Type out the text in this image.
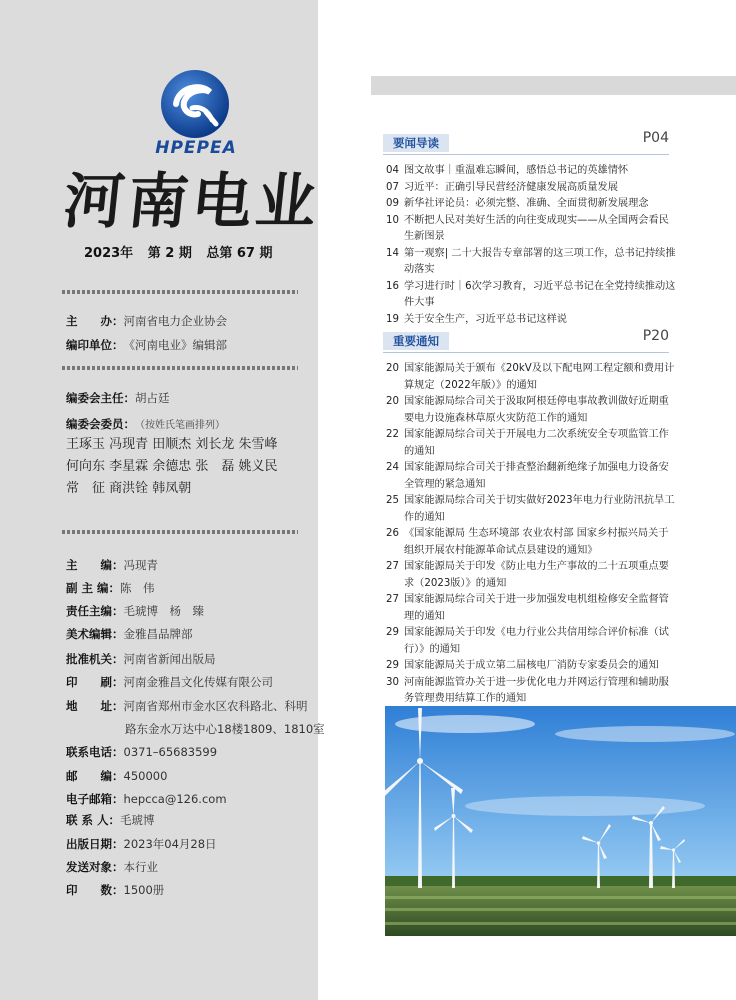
HPEPEA
河南电业
2023年 第 2 期 总第 67 期
主　　办：河南省电力企业协会
编印单位：《河南电业》编辑部
编委会主任：胡占廷
编委会委员：（按姓氏笔画排列）
王琢玉 冯现青 田顺杰 刘长龙 朱雪峰
何向东 李星霖 余德忠 张　磊 姚义民
常　征 商洪铨 韩凤朝
主　　编：冯现青
副 主 编：陈　伟
责任主编：毛琥博　杨　臻
美术编辑：金雅昌品牌部
批准机关：河南省新闻出版局
印　　刷：河南金雅昌文化传媒有限公司
地　　址：河南省郑州市金水区农科路北、科明
路东金水万达中心18楼1809、1810室
联系电话：0371–65683599
邮　　编：450000
电子邮箱：hepcca@126.com
联 系 人：毛琥博
出版日期：2023年04月28日
发送对象：本行业
印　　数：1500册
要闻导读	P04
04 图文故事｜重温难忘瞬间，感悟总书记的英雄情怀
07 习近平：正确引导民营经济健康发展高质量发展
09 新华社评论员：必须完整、准确、全面贯彻新发展理念
10 不断把人民对美好生活的向往变成现实——从全国两会看民生新图景
14 第一观察| 二十大报告专章部署的这三项工作，总书记持续推动落实
16 学习进行时｜6次学习教育，习近平总书记在全党持续推动这件大事
19 关于安全生产，习近平总书记这样说
重要通知	P20
20 国家能源局关于颁布《20kV及以下配电网工程定额和费用计算规定（2022年版）》的通知
20 国家能源局综合司关于汲取阿根廷停电事故教训做好近期重要电力设施森林草原火灾防范工作的通知
22 国家能源局综合司关于开展电力二次系统安全专项监管工作的通知
24 国家能源局综合司关于排查整治翻新绝缘子加强电力设备安全管理的紧急通知
25 国家能源局综合司关于切实做好2023年电力行业防汛抗旱工作的通知
26 《国家能源局 生态环境部 农业农村部 国家乡村振兴局关于组织开展农村能源革命试点县建设的通知》
27 国家能源局关于印发《防止电力生产事故的二十五项重点要求（2023版）》的通知
27 国家能源局综合司关于进一步加强发电机组检修安全监督管理的通知
29 国家能源局关于印发《电力行业公共信用综合评价标准（试行）》的通知
29 国家能源局关于成立第二届核电厂消防专家委员会的通知
30 河南能源监管办关于进一步优化电力并网运行管理和辅助服务管理费用结算工作的通知
